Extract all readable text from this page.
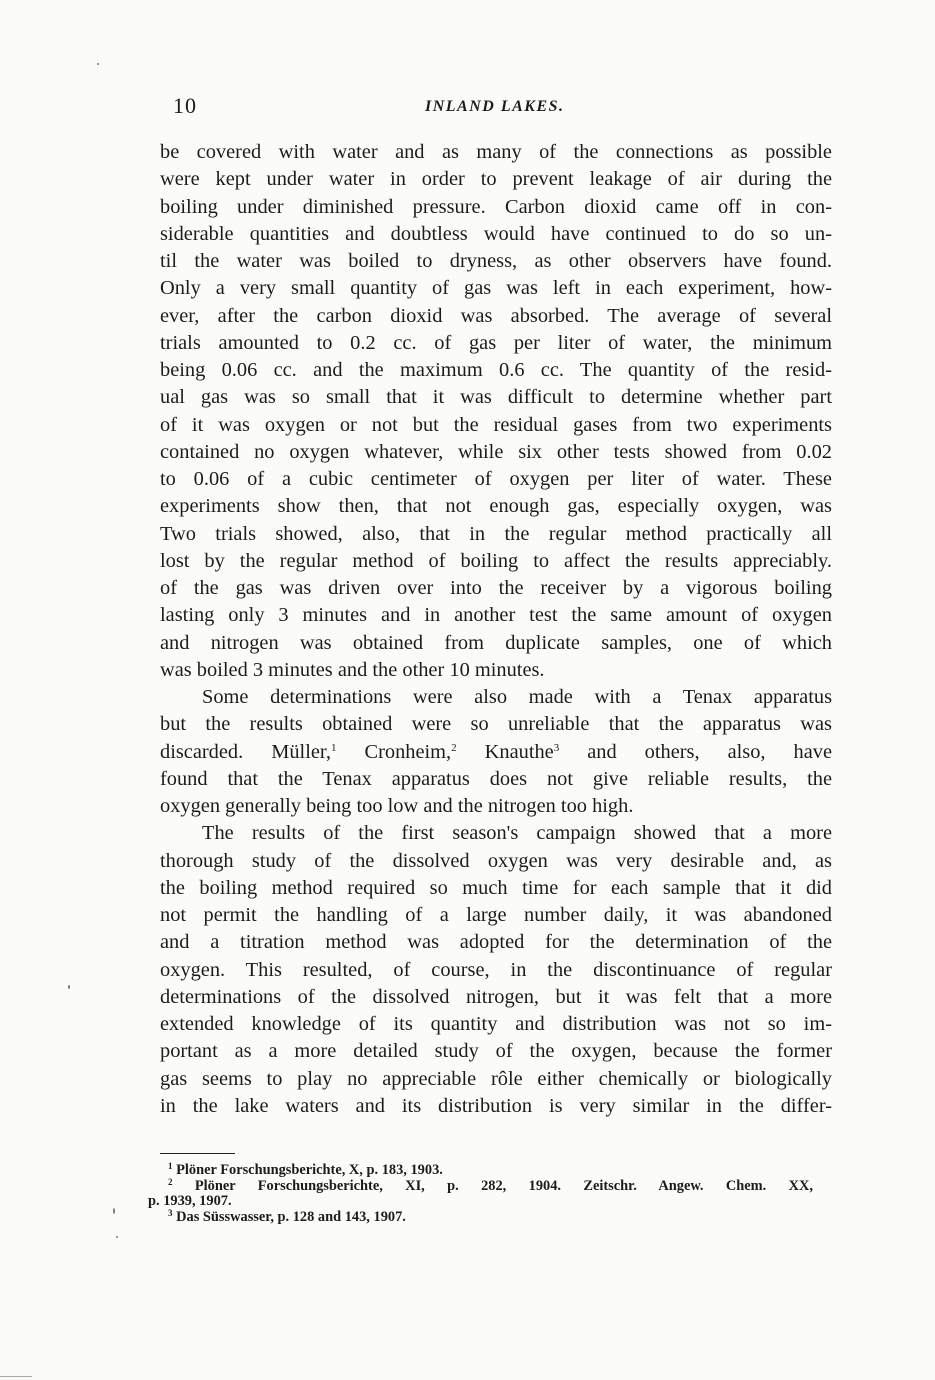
10	INLAND LAKES.
be covered with water and as many of the connections as possible
were kept under water in order to prevent leakage of air during the
boiling under diminished pressure. Carbon dioxid came off in con-
siderable quantities and doubtless would have continued to do so un-
til the water was boiled to dryness, as other observers have found.
Only a very small quantity of gas was left in each experiment, how-
ever, after the carbon dioxid was absorbed. The average of several
trials amounted to 0.2 cc. of gas per liter of water, the minimum
being 0.06 cc. and the maximum 0.6 cc. The quantity of the resid-
ual gas was so small that it was difficult to determine whether part
of it was oxygen or not but the residual gases from two experiments
contained no oxygen whatever, while six other tests showed from 0.02
to 0.06 of a cubic centimeter of oxygen per liter of water. These
experiments show then, that not enough gas, especially oxygen, was
Two trials showed, also, that in the regular method practically all
lost by the regular method of boiling to affect the results appreciably.
of the gas was driven over into the receiver by a vigorous boiling
lasting only 3 minutes and in another test the same amount of oxygen
and nitrogen was obtained from duplicate samples, one of which
was boiled 3 minutes and the other 10 minutes.
Some determinations were also made with a Tenax apparatus
but the results obtained were so unreliable that the apparatus was
discarded. Müller,$^1$ Cronheim,$^2$ Knauthe$^3$ and others, also, have
found that the Tenax apparatus does not give reliable results, the
oxygen generally being too low and the nitrogen too high.
The results of the first season's campaign showed that a more
thorough study of the dissolved oxygen was very desirable and, as
the boiling method required so much time for each sample that it did
not permit the handling of a large number daily, it was abandoned
and a titration method was adopted for the determination of the
oxygen. This resulted, of course, in the discontinuance of regular
determinations of the dissolved nitrogen, but it was felt that a more
extended knowledge of its quantity and distribution was not so im-
portant as a more detailed study of the oxygen, because the former
gas seems to play no appreciable rôle either chemically or biologically
in the lake waters and its distribution is very similar in the differ-
$^1$ Plöner Forschungsberichte, X, p. 183, 1903.
$^2$ Plöner Forschungsberichte, XI, p. 282, 1904. Zeitschr. Angew. Chem. XX,
p. 1939, 1907.
$^3$ Das Süsswasser, p. 128 and 143, 1907.
